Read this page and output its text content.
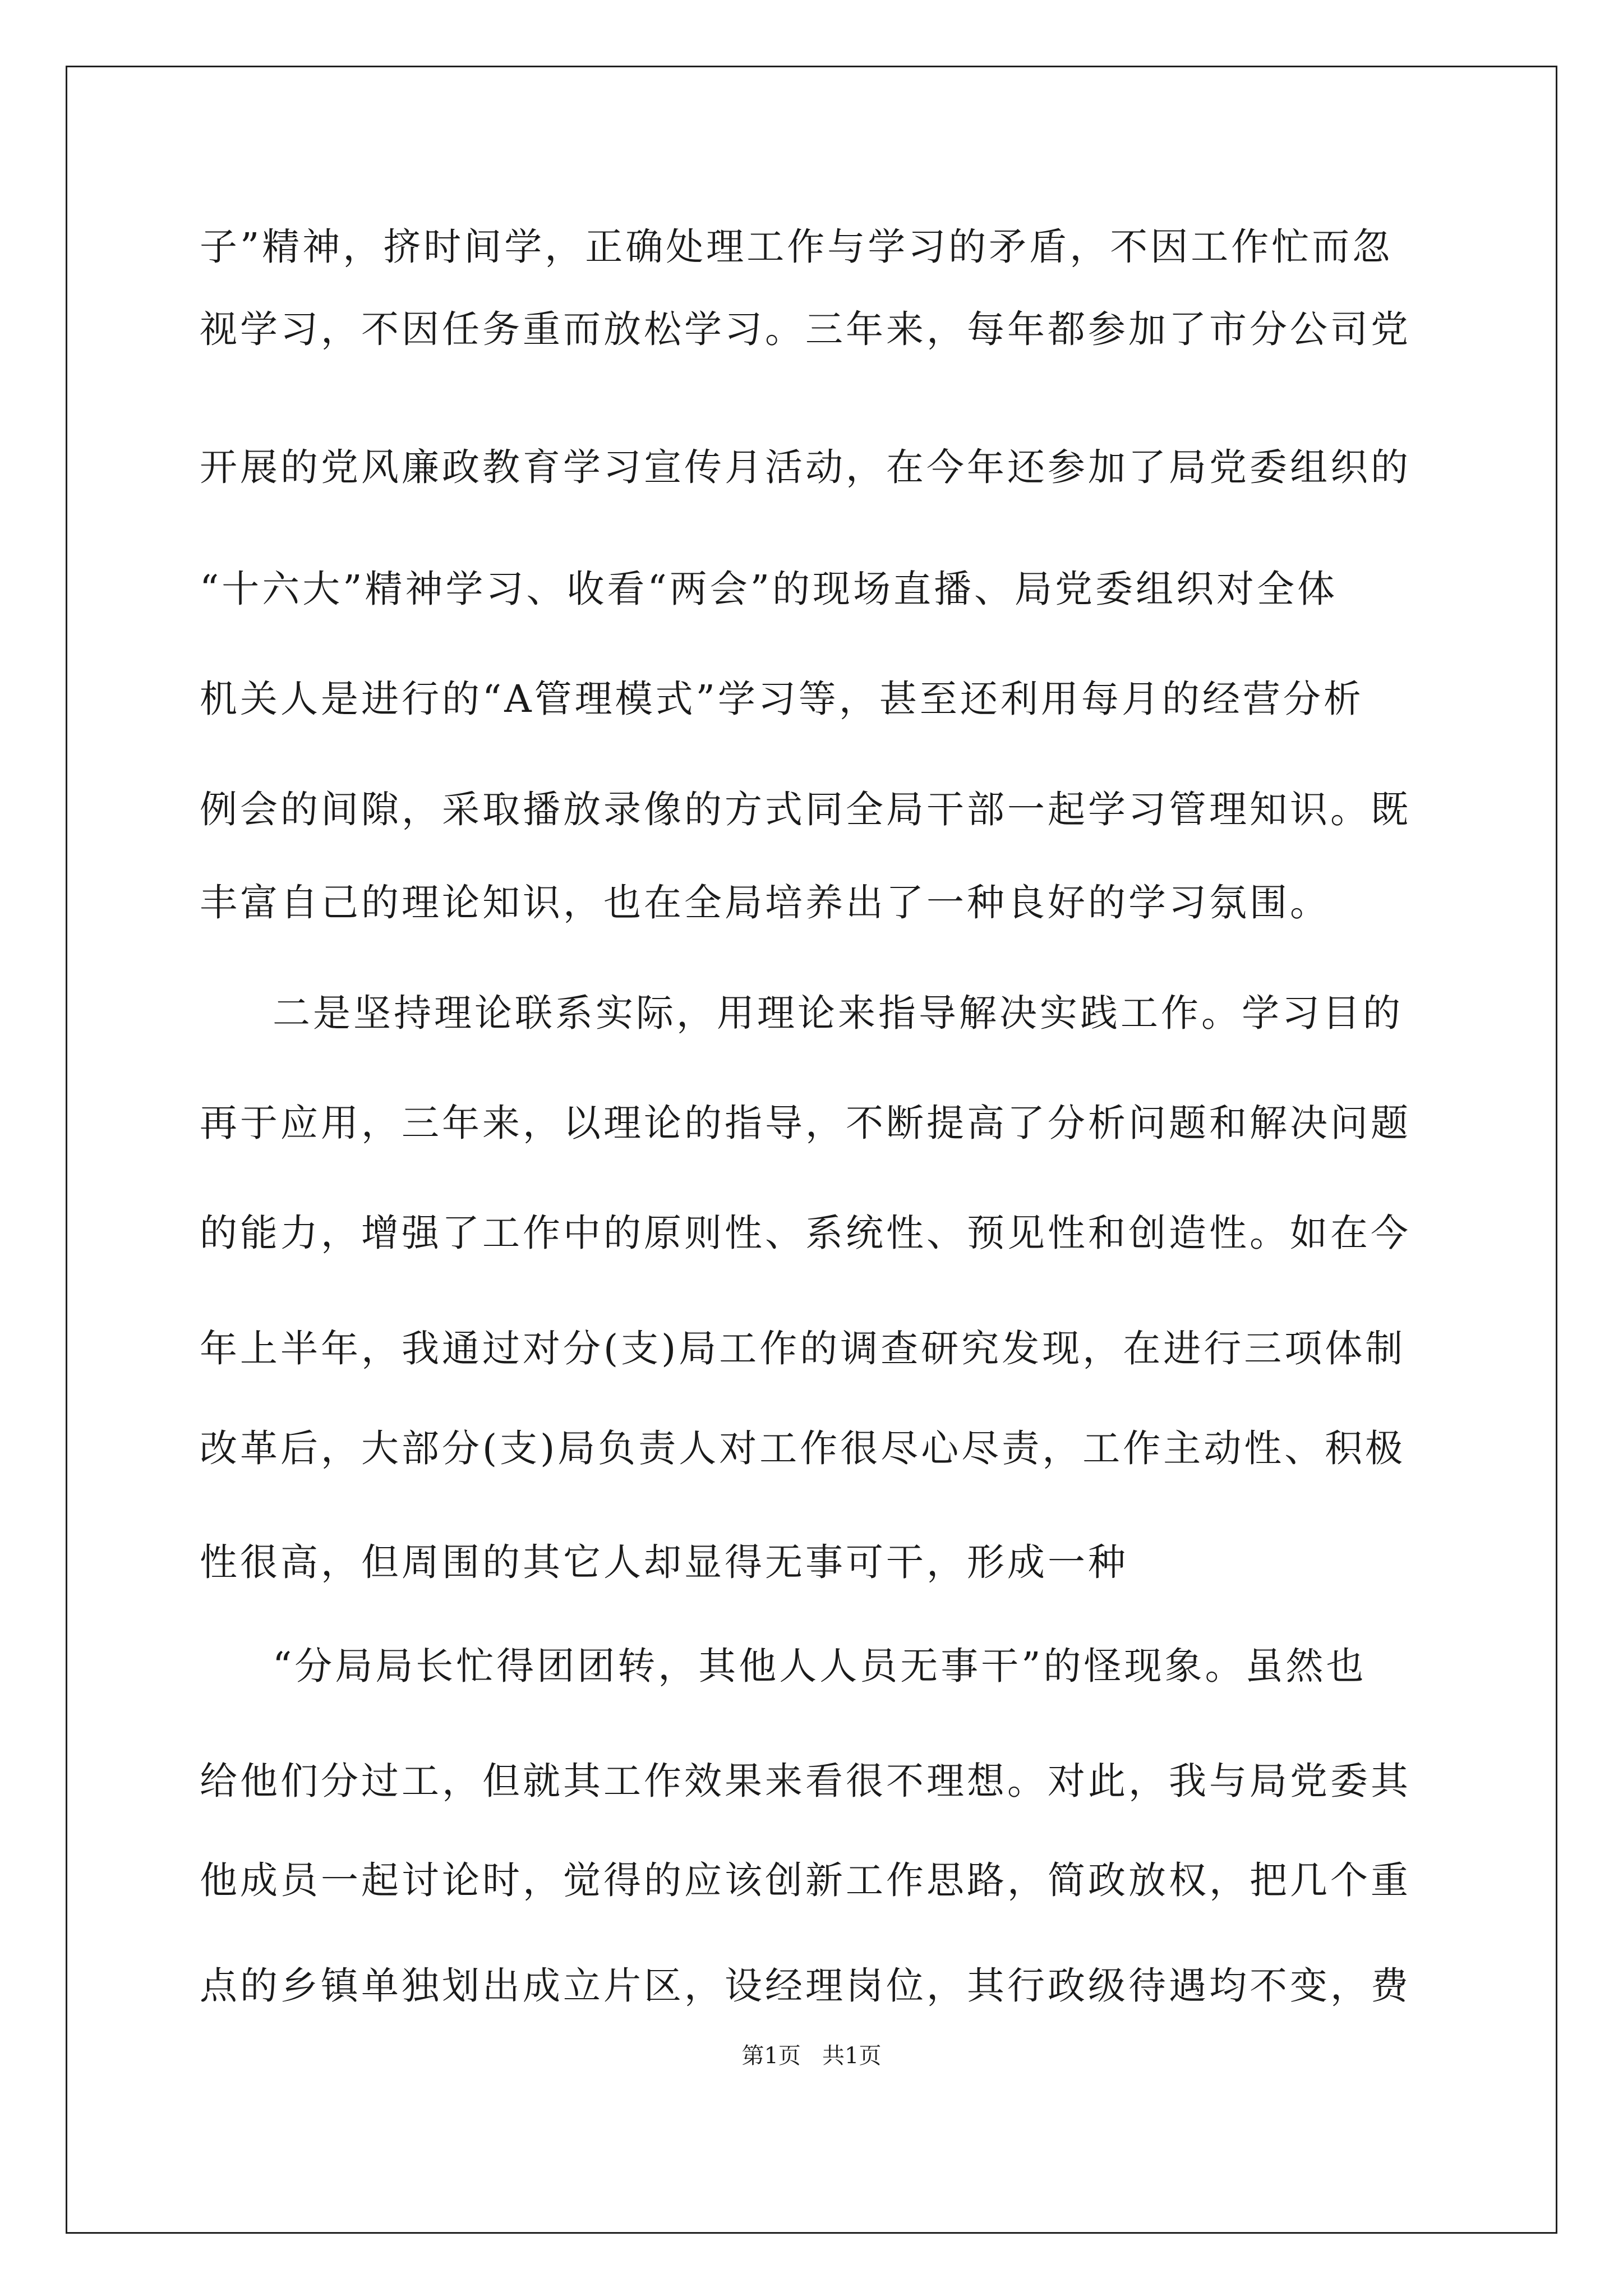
子”精神，挤时间学，正确处理工作与学习的矛盾，不因工作忙而忽
视学习，不因任务重而放松学习。三年来，每年都参加了市分公司党
开展的党风廉政教育学习宣传月活动，在今年还参加了局党委组织的
“十六大”精神学习、收看“两会”的现场直播、局党委组织对全体
机关人是进行的“A管理模式”学习等，甚至还利用每月的经营分析
例会的间隙，采取播放录像的方式同全局干部一起学习管理知识。既
丰富自己的理论知识，也在全局培养出了一种良好的学习氛围。
二是坚持理论联系实际，用理论来指导解决实践工作。学习目的
再于应用，三年来，以理论的指导，不断提高了分析问题和解决问题
的能力，增强了工作中的原则性、系统性、预见性和创造性。如在今
年上半年，我通过对分(支)局工作的调查研究发现，在进行三项体制
改革后，大部分(支)局负责人对工作很尽心尽责，工作主动性、积极
性很高，但周围的其它人却显得无事可干，形成一种
“分局局长忙得团团转，其他人人员无事干”的怪现象。虽然也
给他们分过工，但就其工作效果来看很不理想。对此，我与局党委其
他成员一起讨论时，觉得的应该创新工作思路，简政放权，把几个重
点的乡镇单独划出成立片区，设经理岗位，其行政级待遇均不变，费
第1页   共1页
